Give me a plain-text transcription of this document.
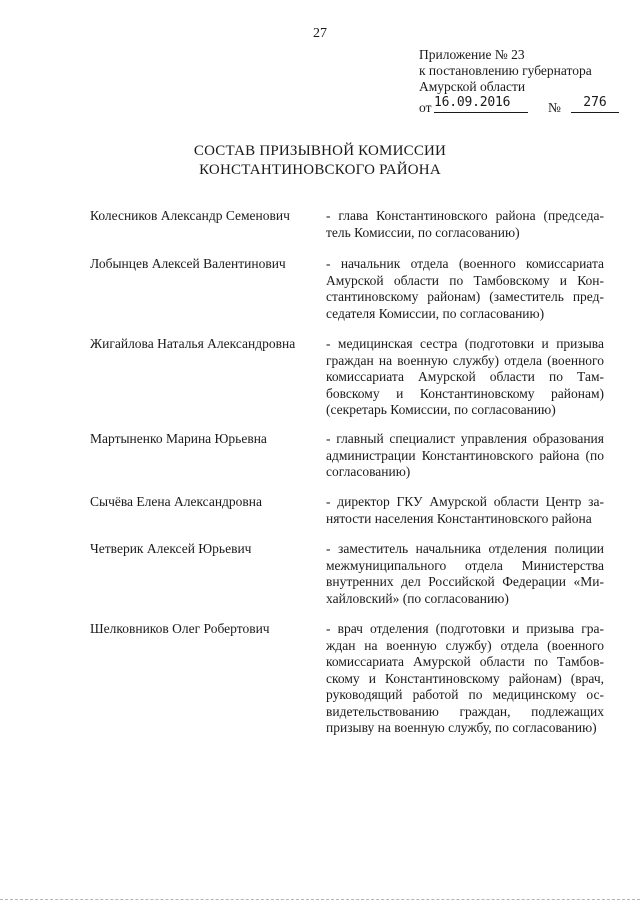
27
Приложение № 23
к постановлению губернатора
Амурской области
от 16.09.2016	№	276
СОСТАВ ПРИЗЫВНОЙ КОМИССИИ
КОНСТАНТИНОВСКОГО РАЙОНА
Колесников Александр Семенович	- глава Константиновского района (председатель Комиссии, по согласованию)
Лобынцев Алексей Валентинович	- начальник отдела (военного комиссариата Амурской области по Тамбовскому и Константиновскому районам) (заместитель председателя Комиссии, по согласованию)
Жигайлова Наталья Александровна	- медицинская сестра (подготовки и призыва граждан на военную службу) отдела (военного комиссариата Амурской области по Тамбовскому и Константиновскому районам) (секретарь Комиссии, по согласованию)
Мартыненко Марина Юрьевна	- главный специалист управления образования администрации Константиновского района (по согласованию)
Сычёва Елена Александровна	- директор ГКУ Амурской области Центр занятости населения Константиновского района
Четверик Алексей Юрьевич	- заместитель начальника отделения полиции межмуниципального отдела Министерства внутренних дел Российской Федерации «Михайловский» (по согласованию)
Шелковников Олег Робертович	- врач отделения (подготовки и призыва граждан на военную службу) отдела (военного комиссариата Амурской области по Тамбовскому и Константиновскому районам) (врач, руководящий работой по медицинскому освидетельствованию граждан, подлежащих призыву на военную службу, по согласованию)
